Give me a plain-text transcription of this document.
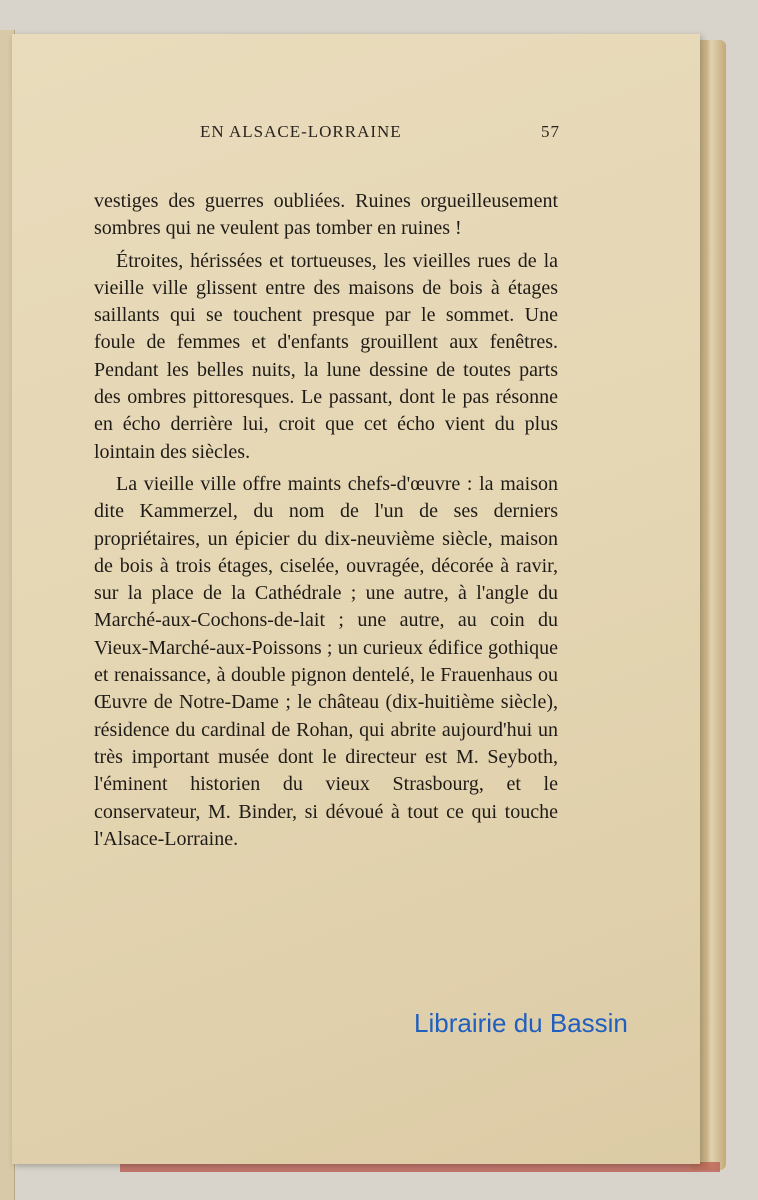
EN ALSACE-LORRAINE	57

vestiges des guerres oubliées. Ruines orgueilleusement sombres qui ne veulent pas tomber en ruines !

Étroites, hérissées et tortueuses, les vieilles rues de la vieille ville glissent entre des maisons de bois à étages saillants qui se touchent presque par le sommet. Une foule de femmes et d'enfants grouillent aux fenêtres. Pendant les belles nuits, la lune dessine de toutes parts des ombres pittoresques. Le passant, dont le pas résonne en écho derrière lui, croit que cet écho vient du plus lointain des siècles.

La vieille ville offre maints chefs-d'œuvre : la maison dite Kammerzel, du nom de l'un de ses derniers propriétaires, un épicier du dix-neuvième siècle, maison de bois à trois étages, ciselée, ouvragée, décorée à ravir, sur la place de la Cathédrale ; une autre, à l'angle du Marché-aux-Cochons-de-lait ; une autre, au coin du Vieux-Marché-aux-Poissons ; un curieux édifice gothique et renaissance, à double pignon dentelé, le Frauenhaus ou Œuvre de Notre-Dame ; le château (dix-huitième siècle), résidence du cardinal de Rohan, qui abrite aujourd'hui un très important musée dont le directeur est M. Seyboth, l'éminent historien du vieux Strasbourg, et le conservateur, M. Binder, si dévoué à tout ce qui touche l'Alsace-Lorraine.

Librairie du Bassin
